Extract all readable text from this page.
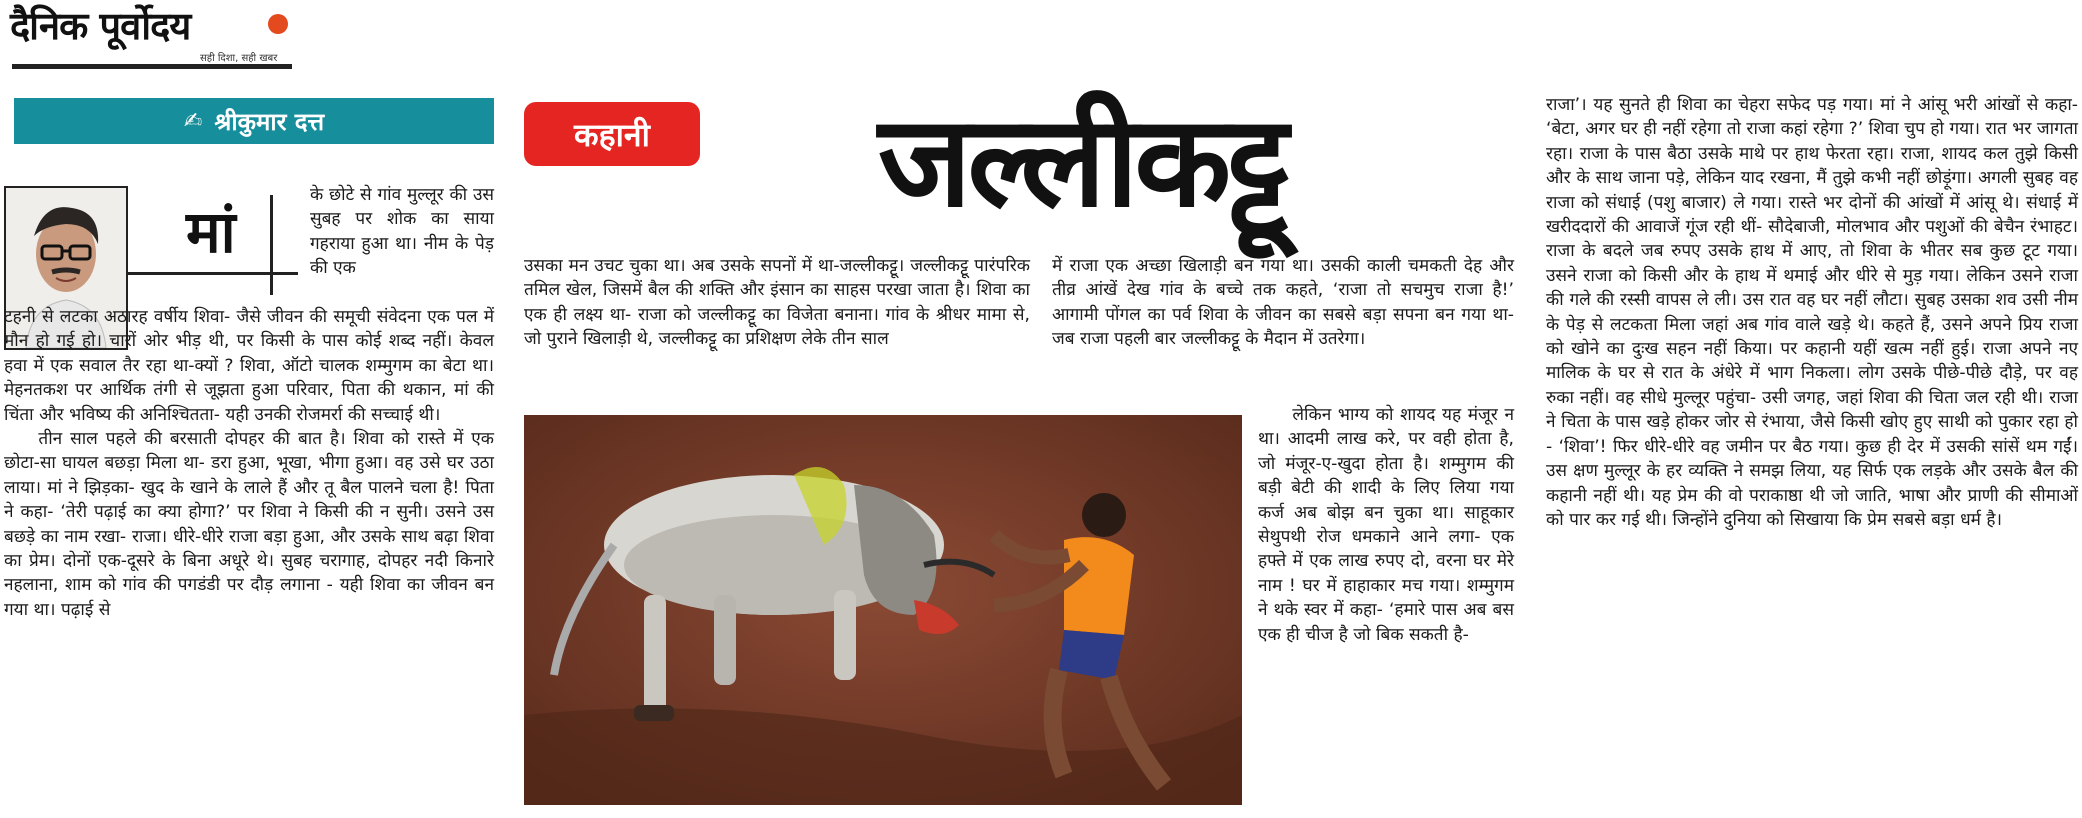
दैनिक पूर्वोदय
सही दिशा, सही खबर
✍ श्रीकुमार दत्त
मां

के छोटे से गांव मुल्लूर की उस सुबह पर शोक का साया गहराया हुआ था। नीम के पेड़ की एक

टहनी से लटका अठारह वर्षीय शिवा- जैसे जीवन की समूची संवेदना एक पल में मौन हो गई हो। चारों ओर भीड़ थी, पर किसी के पास कोई शब्द नहीं। केवल हवा में एक सवाल तैर रहा था-क्यों ? शिवा, ऑटो चालक शम्मुगम का बेटा था। मेहनतकश पर आर्थिक तंगी से जूझता हुआ परिवार, पिता की थकान, मां की चिंता और भविष्य की अनिश्चितता- यही उनकी रोजमर्रा की सच्चाई थी।

तीन साल पहले की बरसाती दोपहर की बात है। शिवा को रास्ते में एक छोटा-सा घायल बछड़ा मिला था- डरा हुआ, भूखा, भीगा हुआ। वह उसे घर उठा लाया। मां ने झिड़का- खुद के खाने के लाले हैं और तू बैल पालने चला है! पिता ने कहा- ‘तेरी पढ़ाई का क्या होगा?’ पर शिवा ने किसी की न सुनी। उसने उस बछड़े का नाम रखा- राजा। धीरे-धीरे राजा बड़ा हुआ, और उसके साथ बढ़ा शिवा का प्रेम। दोनों एक-दूसरे के बिना अधूरे थे। सुबह चरागाह, दोपहर नदी किनारे नहलाना, शाम को गांव की पगडंडी पर दौड़ लगाना - यही शिवा का जीवन बन गया था। पढ़ाई से

कहानी	जल्लीकट्टू

उसका मन उचट चुका था। अब उसके सपनों में था-जल्लीकट्टू। जल्लीकट्टू पारंपरिक तमिल खेल, जिसमें बैल की शक्ति और इंसान का साहस परखा जाता है। शिवा का एक ही लक्ष्य था- राजा को जल्लीकट्टू का विजेता बनाना। गांव के श्रीधर मामा से, जो पुराने खिलाड़ी थे, जल्लीकट्टू का प्रशिक्षण लेके तीन साल

में राजा एक अच्छा खिलाड़ी बन गया था। उसकी काली चमकती देह और तीव्र आंखें देख गांव के बच्चे तक कहते, ‘राजा तो सचमुच राजा है!’ आगामी पोंगल का पर्व शिवा के जीवन का सबसे बड़ा सपना बन गया था- जब राजा पहली बार जल्लीकट्टू के मैदान में उतरेगा।

लेकिन भाग्य को शायद यह मंजूर न था। आदमी लाख करे, पर वही होता है, जो मंजूर-ए-खुदा होता है। शम्मुगम की बड़ी बेटी की शादी के लिए लिया गया कर्ज अब बोझ बन चुका था। साहूकार सेथुपथी रोज धमकाने आने लगा- एक हफ्ते में एक लाख रुपए दो, वरना घर मेरे नाम ! घर में हाहाकार मच गया। शम्मुगम ने थके स्वर में कहा- ‘हमारे पास अब बस एक ही चीज है जो बिक सकती है-

राजा’। यह सुनते ही शिवा का चेहरा सफेद पड़ गया। मां ने आंसू भरी आंखों से कहा- ‘बेटा, अगर घर ही नहीं रहेगा तो राजा कहां रहेगा ?’ शिवा चुप हो गया। रात भर जागता रहा। राजा के पास बैठा उसके माथे पर हाथ फेरता रहा। राजा, शायद कल तुझे किसी और के साथ जाना पड़े, लेकिन याद रखना, मैं तुझे कभी नहीं छोड़ूंगा। अगली सुबह वह राजा को संधाई (पशु बाजार) ले गया। रास्ते भर दोनों की आंखों में आंसू थे। संधाई में खरीददारों की आवाजें गूंज रही थीं- सौदेबाजी, मोलभाव और पशुओं की बेचैन रंभाहट। राजा के बदले जब रुपए उसके हाथ में आए, तो शिवा के भीतर सब कुछ टूट गया। उसने राजा को किसी और के हाथ में थमाई और धीरे से मुड़ गया। लेकिन उसने राजा की गले की रस्सी वापस ले ली। उस रात वह घर नहीं लौटा। सुबह उसका शव उसी नीम के पेड़ से लटकता मिला जहां अब गांव वाले खड़े थे। कहते हैं, उसने अपने प्रिय राजा को खोने का दुःख सहन नहीं किया। पर कहानी यहीं खत्म नहीं हुई। राजा अपने नए मालिक के घर से रात के अंधेरे में भाग निकला। लोग उसके पीछे-पीछे दौड़े, पर वह रुका नहीं। वह सीधे मुल्लूर पहुंचा- उसी जगह, जहां शिवा की चिता जल रही थी। राजा ने चिता के पास खड़े होकर जोर से रंभाया, जैसे किसी खोए हुए साथी को पुकार रहा हो - ‘शिवा’! फिर धीरे-धीरे वह जमीन पर बैठ गया। कुछ ही देर में उसकी सांसें थम गईं। उस क्षण मुल्लूर के हर व्यक्ति ने समझ लिया, यह सिर्फ एक लड़के और उसके बैल की कहानी नहीं थी। यह प्रेम की वो पराकाष्ठा थी जो जाति, भाषा और प्राणी की सीमाओं को पार कर गई थी। जिन्होंने दुनिया को सिखाया कि प्रेम सबसे बड़ा धर्म है।
